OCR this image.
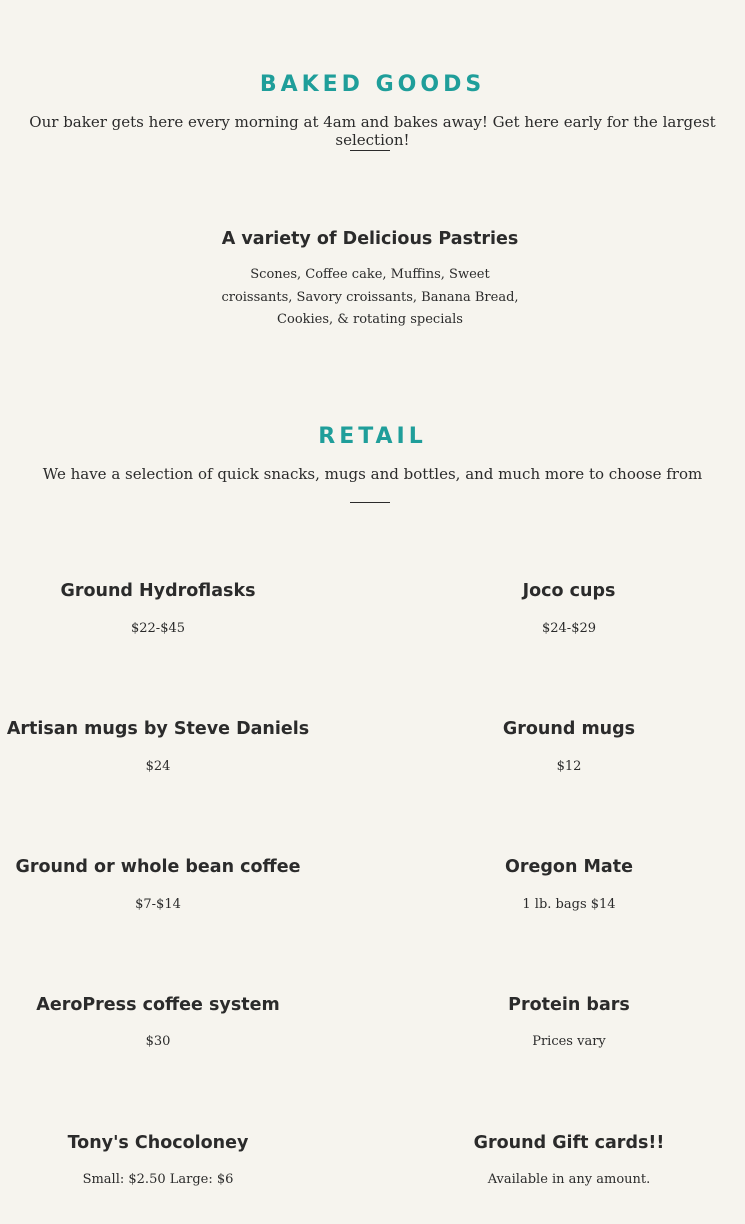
BAKED GOODS

Our baker gets here every morning at 4am and bakes away! Get here early for the largest selection!

A variety of Delicious Pastries

Scones, Coffee cake, Muffins, Sweet croissants, Savory croissants, Banana Bread, Cookies, & rotating specials

RETAIL

We have a selection of quick snacks, mugs and bottles, and much more to choose from

Ground Hydroflasks

$22-$45

Joco cups

$24-$29

Artisan mugs by Steve Daniels

$24

Ground mugs

$12

Ground or whole bean coffee

$7-$14

Oregon Mate

1 lb. bags $14

AeroPress coffee system

$30

Protein bars

Prices vary

Tony's Chocoloney

Small: $2.50 Large: $6

Ground Gift cards!!

Available in any amount.
